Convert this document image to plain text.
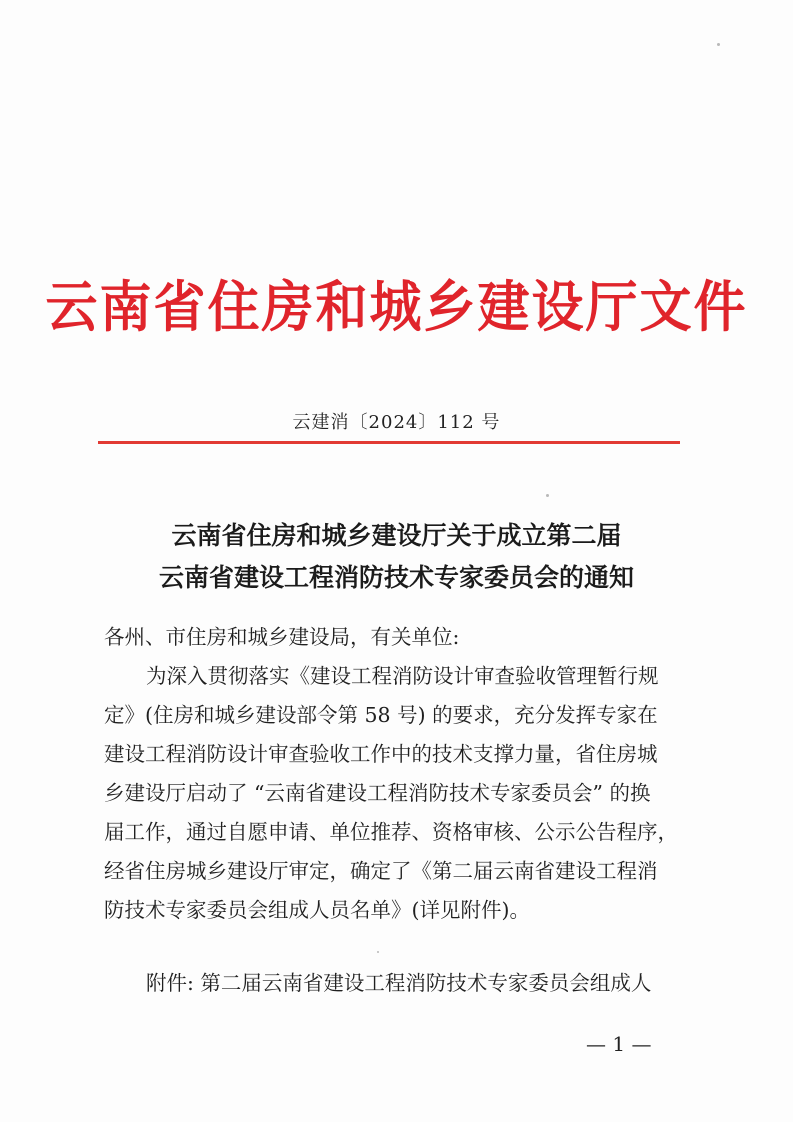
云南省住房和城乡建设厅文件
云建消〔2024〕112 号
云南省住房和城乡建设厅关于成立第二届
云南省建设工程消防技术专家委员会的通知
各州、市住房和城乡建设局，有关单位:
为深入贯彻落实《建设工程消防设计审查验收管理暂行规
定》(住房和城乡建设部令第 58 号) 的要求，充分发挥专家在
建设工程消防设计审查验收工作中的技术支撑力量，省住房城
乡建设厅启动了 “云南省建设工程消防技术专家委员会” 的换
届工作，通过自愿申请、单位推荐、资格审核、公示公告程序，
经省住房城乡建设厅审定，确定了《第二届云南省建设工程消
防技术专家委员会组成人员名单》(详见附件)。
附件: 第二届云南省建设工程消防技术专家委员会组成人
— 1 —
